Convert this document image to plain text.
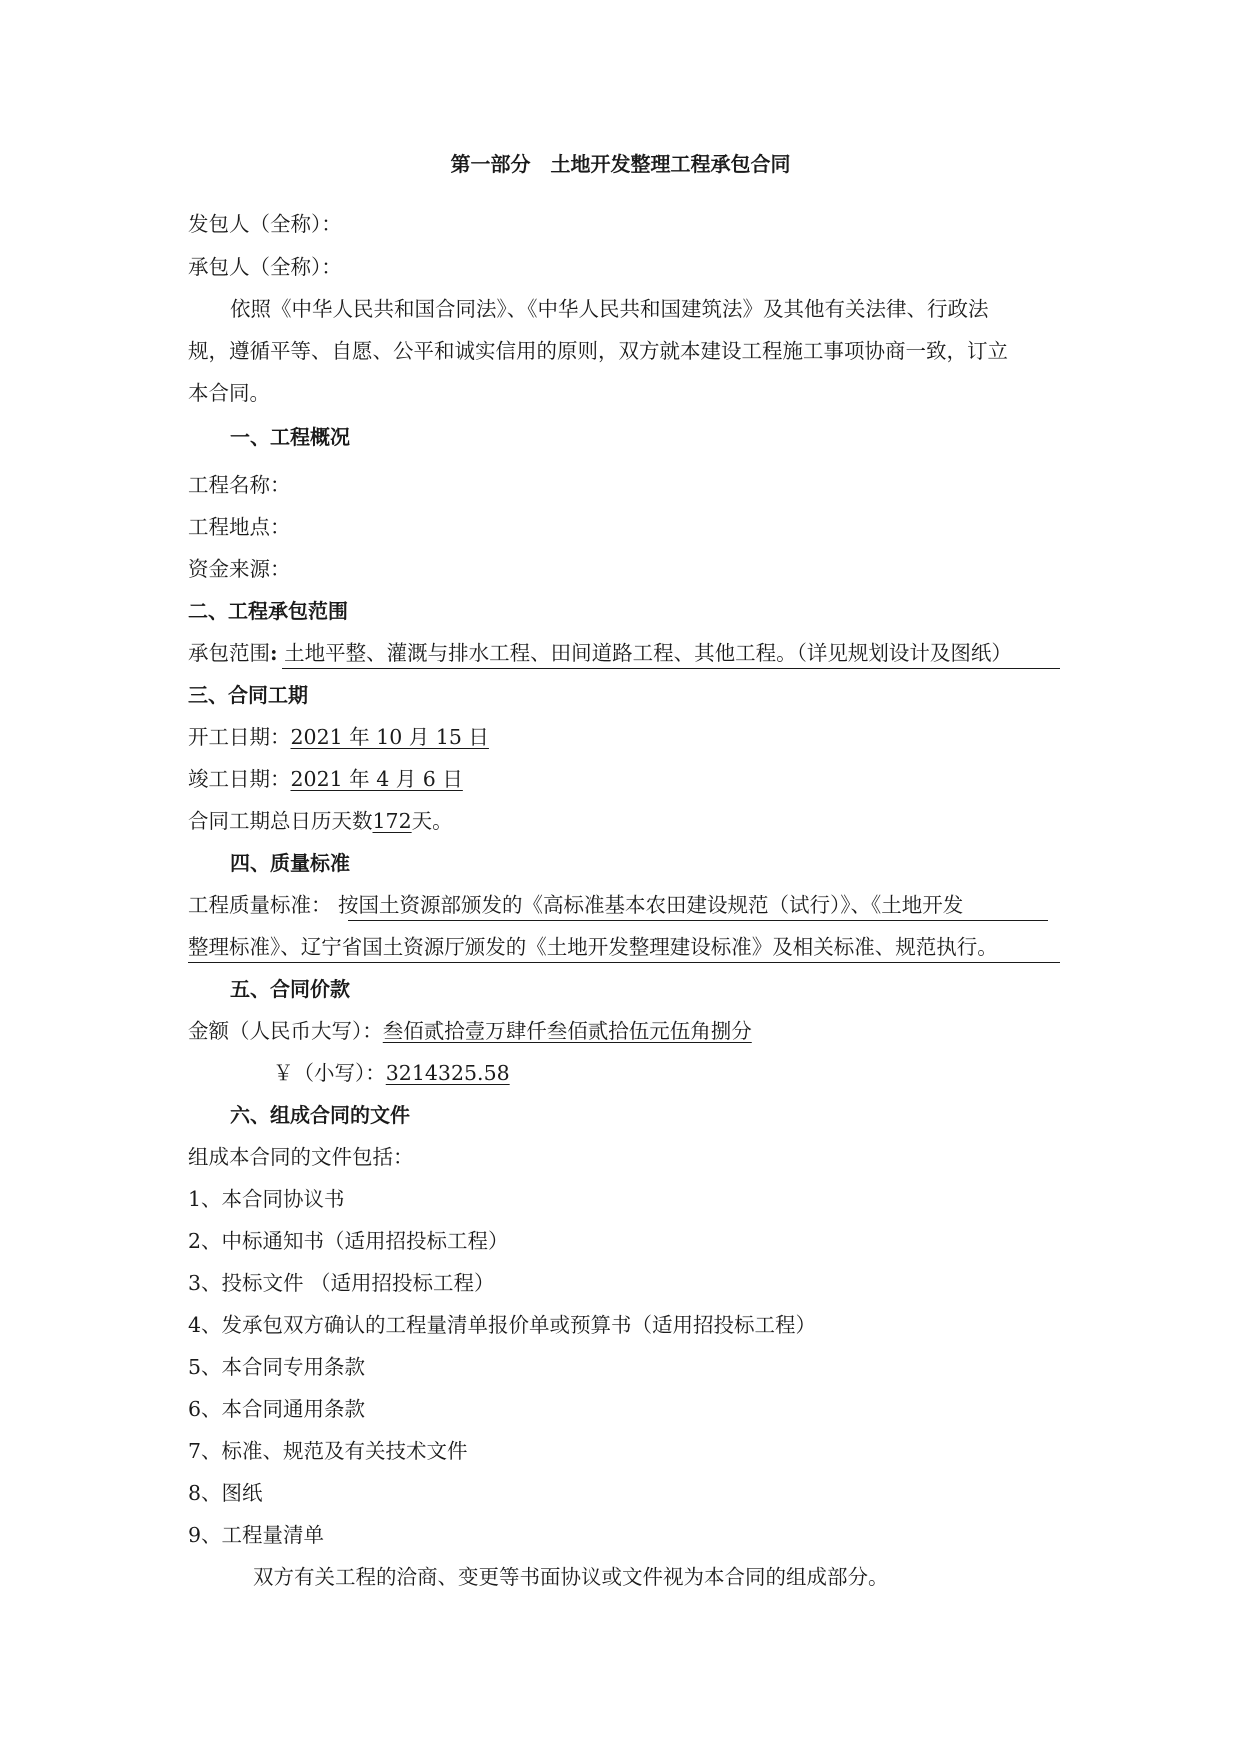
第一部分　土地开发整理工程承包合同
发包人（全称）：
承包人（全称）：
依照《中华人民共和国合同法》、《中华人民共和国建筑法》及其他有关法律、行政法
规，遵循平等、自愿、公平和诚实信用的原则，双方就本建设工程施工事项协商一致，订立
本合同。
一、工程概况
工程名称：
工程地点：
资金来源：
二、工程承包范围
承包范围: 土地平整、灌溉与排水工程、田间道路工程、其他工程。（详见规划设计及图纸）
三、合同工期
开工日期：2021 年 10 月 15 日
竣工日期：2021 年 4 月 6 日
合同工期总日历天数172天。
四、质量标准
工程质量标准： 按国土资源部颁发的《高标准基本农田建设规范（试行）》、《土地开发
整理标准》、辽宁省国土资源厅颁发的《土地开发整理建设标准》及相关标准、规范执行。
五、合同价款
金额（人民币大写）：叁佰贰拾壹万肆仟叁佰贰拾伍元伍角捌分
￥（小写）：3214325.58
六、组成合同的文件
组成本合同的文件包括：
1、本合同协议书
2、中标通知书（适用招投标工程）
3、投标文件 （适用招投标工程）
4、发承包双方确认的工程量清单报价单或预算书（适用招投标工程）
5、本合同专用条款
6、本合同通用条款
7、标准、规范及有关技术文件
8、图纸
9、工程量清单
双方有关工程的洽商、变更等书面协议或文件视为本合同的组成部分。
